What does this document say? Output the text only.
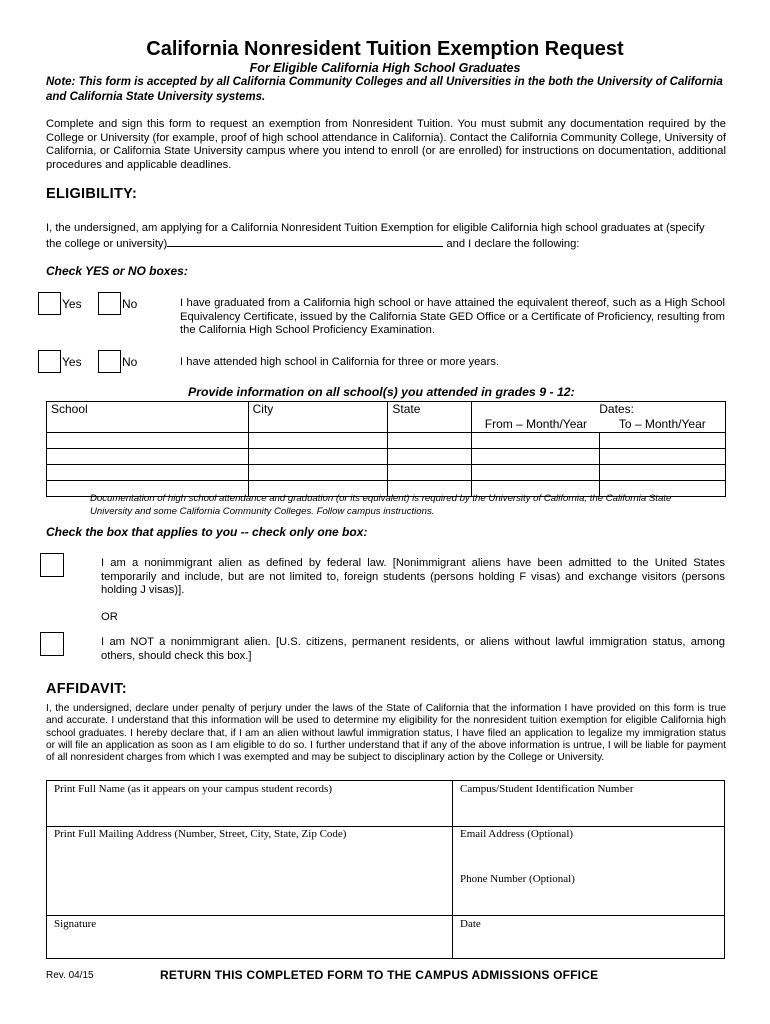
California Nonresident Tuition Exemption Request
For Eligible California High School Graduates
Note: This form is accepted by all California Community Colleges and all Universities in the both the University of California and California State University systems.
Complete and sign this form to request an exemption from Nonresident Tuition. You must submit any documentation required by the College or University (for example, proof of high school attendance in California). Contact the California Community College, University of California, or California State University campus where you intend to enroll (or are enrolled) for instructions on documentation, additional procedures and applicable deadlines.
ELIGIBILITY:
I, the undersigned, am applying for a California Nonresident Tuition Exemption for eligible California high school graduates at (specify
the college or university)	and I declare the following:
Check YES or NO boxes:
Yes	No	I have graduated from a California high school or have attained the equivalent thereof, such as a High School Equivalency Certificate, issued by the California State GED Office or a Certificate of Proficiency, resulting from the California High School Proficiency Examination.
Yes	No	I have attended high school in California for three or more years.
Provide information on all school(s) you attended in grades 9 - 12:
School	City	State	Dates:	
			From – Month/Year	To – Month/Year

Documentation of high school attendance and graduation (or its equivalent) is required by the University of California, the California State University and some California Community Colleges. Follow campus instructions.
Check the box that applies to you -- check only one box:
I am a nonimmigrant alien as defined by federal law. [Nonimmigrant aliens have been admitted to the United States temporarily and include, but are not limited to, foreign students (persons holding F visas) and exchange visitors (persons holding J visas)].
OR
I am NOT a nonimmigrant alien. [U.S. citizens, permanent residents, or aliens without lawful immigration status, among others, should check this box.]
AFFIDAVIT:
I, the undersigned, declare under penalty of perjury under the laws of the State of California that the information I have provided on this form is true and accurate. I understand that this information will be used to determine my eligibility for the nonresident tuition exemption for eligible California high school graduates. I hereby declare that, if I am an alien without lawful immigration status, I have filed an application to legalize my immigration status or will file an application as soon as I am eligible to do so. I further understand that if any of the above information is untrue, I will be liable for payment of all nonresident charges from which I was exempted and may be subject to disciplinary action by the College or University.
Print Full Name (as it appears on your campus student records)	Campus/Student Identification Number
Print Full Mailing Address (Number, Street, City, State, Zip Code)	Email Address (Optional)
Phone Number (Optional)
Signature	Date
Rev. 04/15	RETURN THIS COMPLETED FORM TO THE CAMPUS ADMISSIONS OFFICE
